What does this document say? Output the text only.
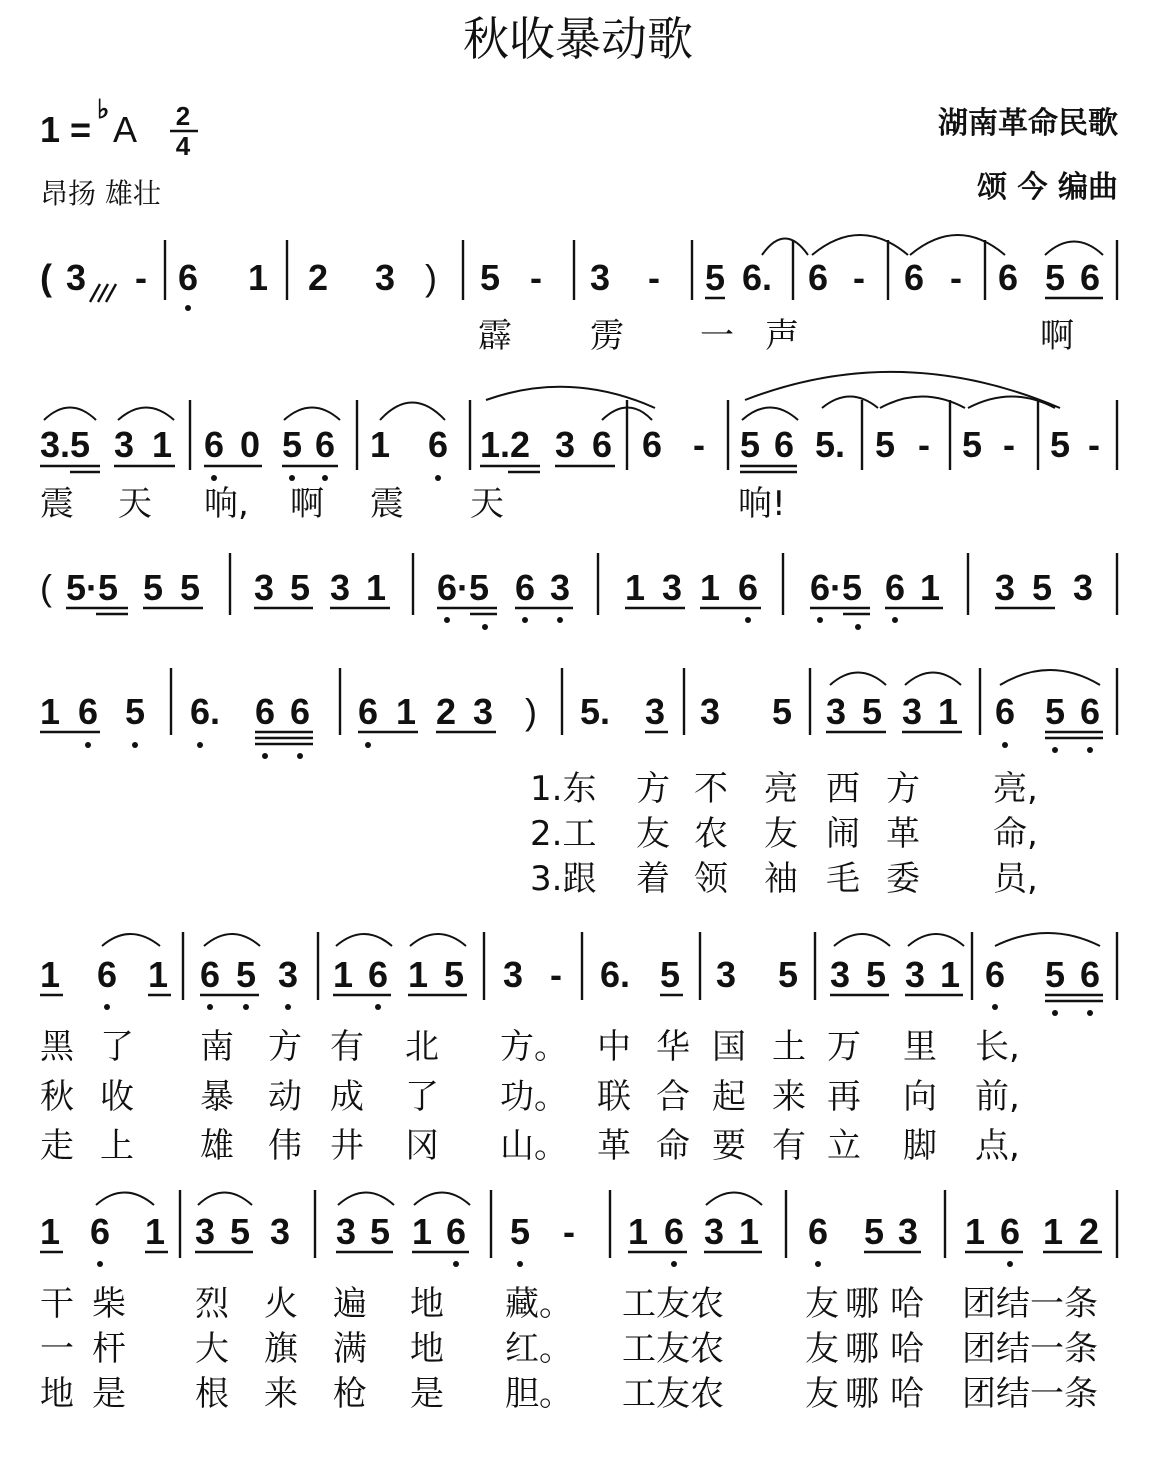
秋收暴动歌
1 = ♭ A 2
4
昂扬 雄壮
湖南革命民歌
颂 今 编曲
( 3 - 6 1 2 3 ) 5 - 3 - 5 6. 6 - 6 - 6 5 6
霹 雳 一 声	啊
3.5 3 1 6 0 5 6 1 6 1.2 3 6 6 - 5 6 5. 5 - 5 - 5 -
震 天 响, 啊 震 天	响!
( 5·5 5 5 3 5 3 1 6·5 6 3 1 3 1 6 6·5 6 1 3 5 3
1 6 5 6. 6 6 6 1 2 3 ) 5. 3 3 5 3 5 3 1 6 5 6
1.东 方 不 亮 西 方 亮,
2.工 友 农 友 闹 革 命,
3.跟 着 领 袖 毛 委 员,
1 6 1 6 5 3 1 6 1 5 3 - 6. 5 3 5 3 5 3 1 6 5 6
黑 了 南 方 有 北 方。 中 华 国 土 万 里 长,
秋 收 暴 动 成 了 功。 联 合 起 来 再 向 前,
走 上 雄 伟 井 冈 山。 革 命 要 有 立 脚 点,
1 6 1 3 5 3 3 5 1 6 5 - 1 6 3 1 6 5 3 1 6 1 2
干 柴 烈 火 遍 地 藏。 工友农 友 哪 哈 团结一条
一 杆 大 旗 满 地 红。 工友农 友 哪 哈 团结一条
地 是 根 来 枪 是 胆。 工友农 友 哪 哈 团结一条
